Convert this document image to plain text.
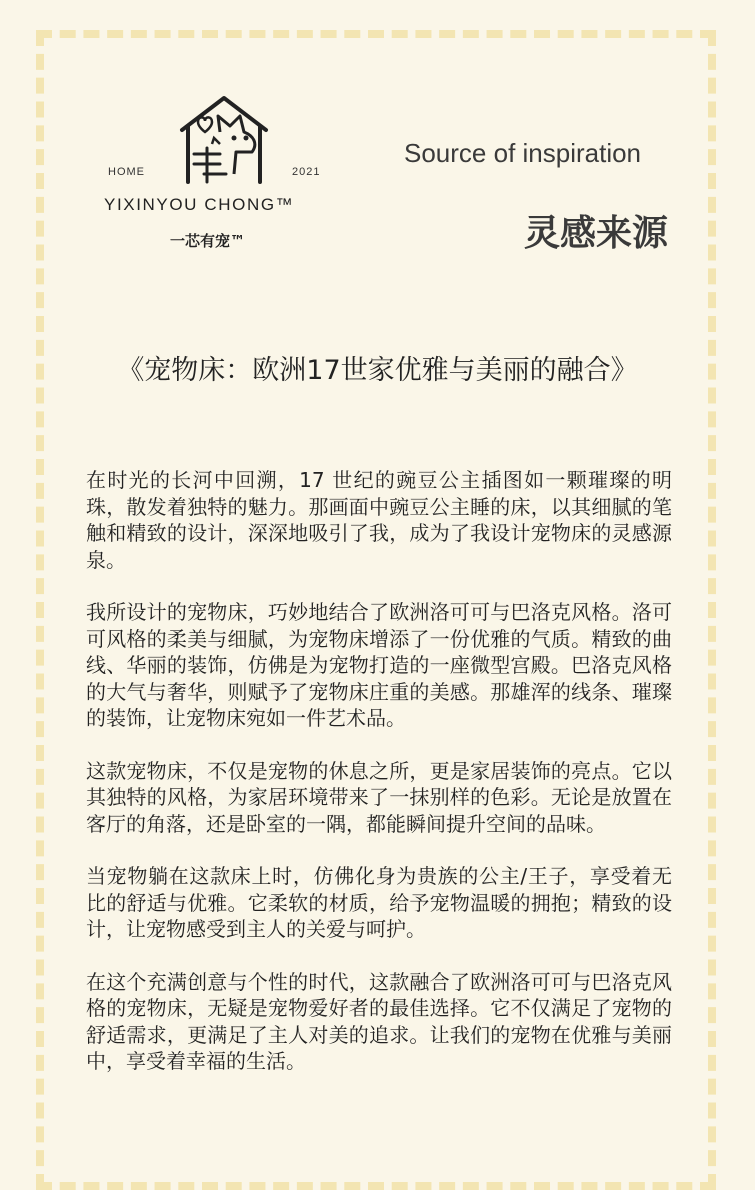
HOME	2021
YIXINYOU CHONG™
一芯有宠™
Source of inspiration
灵感来源
《宠物床：欧洲17世家优雅与美丽的融合》

在时光的长河中回溯，17 世纪的豌豆公主插图如一颗璀璨的明珠，散发着独特的魅力。那画面中豌豆公主睡的床，以其细腻的笔触和精致的设计，深深地吸引了我，成为了我设计宠物床的灵感源泉。

我所设计的宠物床，巧妙地结合了欧洲洛可可与巴洛克风格。洛可可风格的柔美与细腻，为宠物床增添了一份优雅的气质。精致的曲线、华丽的装饰，仿佛是为宠物打造的一座微型宫殿。巴洛克风格的大气与奢华，则赋予了宠物床庄重的美感。那雄浑的线条、璀璨的装饰，让宠物床宛如一件艺术品。

这款宠物床，不仅是宠物的休息之所，更是家居装饰的亮点。它以其独特的风格，为家居环境带来了一抹别样的色彩。无论是放置在客厅的角落，还是卧室的一隅，都能瞬间提升空间的品味。

当宠物躺在这款床上时，仿佛化身为贵族的公主/王子，享受着无比的舒适与优雅。它柔软的材质，给予宠物温暖的拥抱；精致的设计，让宠物感受到主人的关爱与呵护。

在这个充满创意与个性的时代，这款融合了欧洲洛可可与巴洛克风格的宠物床，无疑是宠物爱好者的最佳选择。它不仅满足了宠物的舒适需求，更满足了主人对美的追求。让我们的宠物在优雅与美丽中，享受着幸福的生活。
